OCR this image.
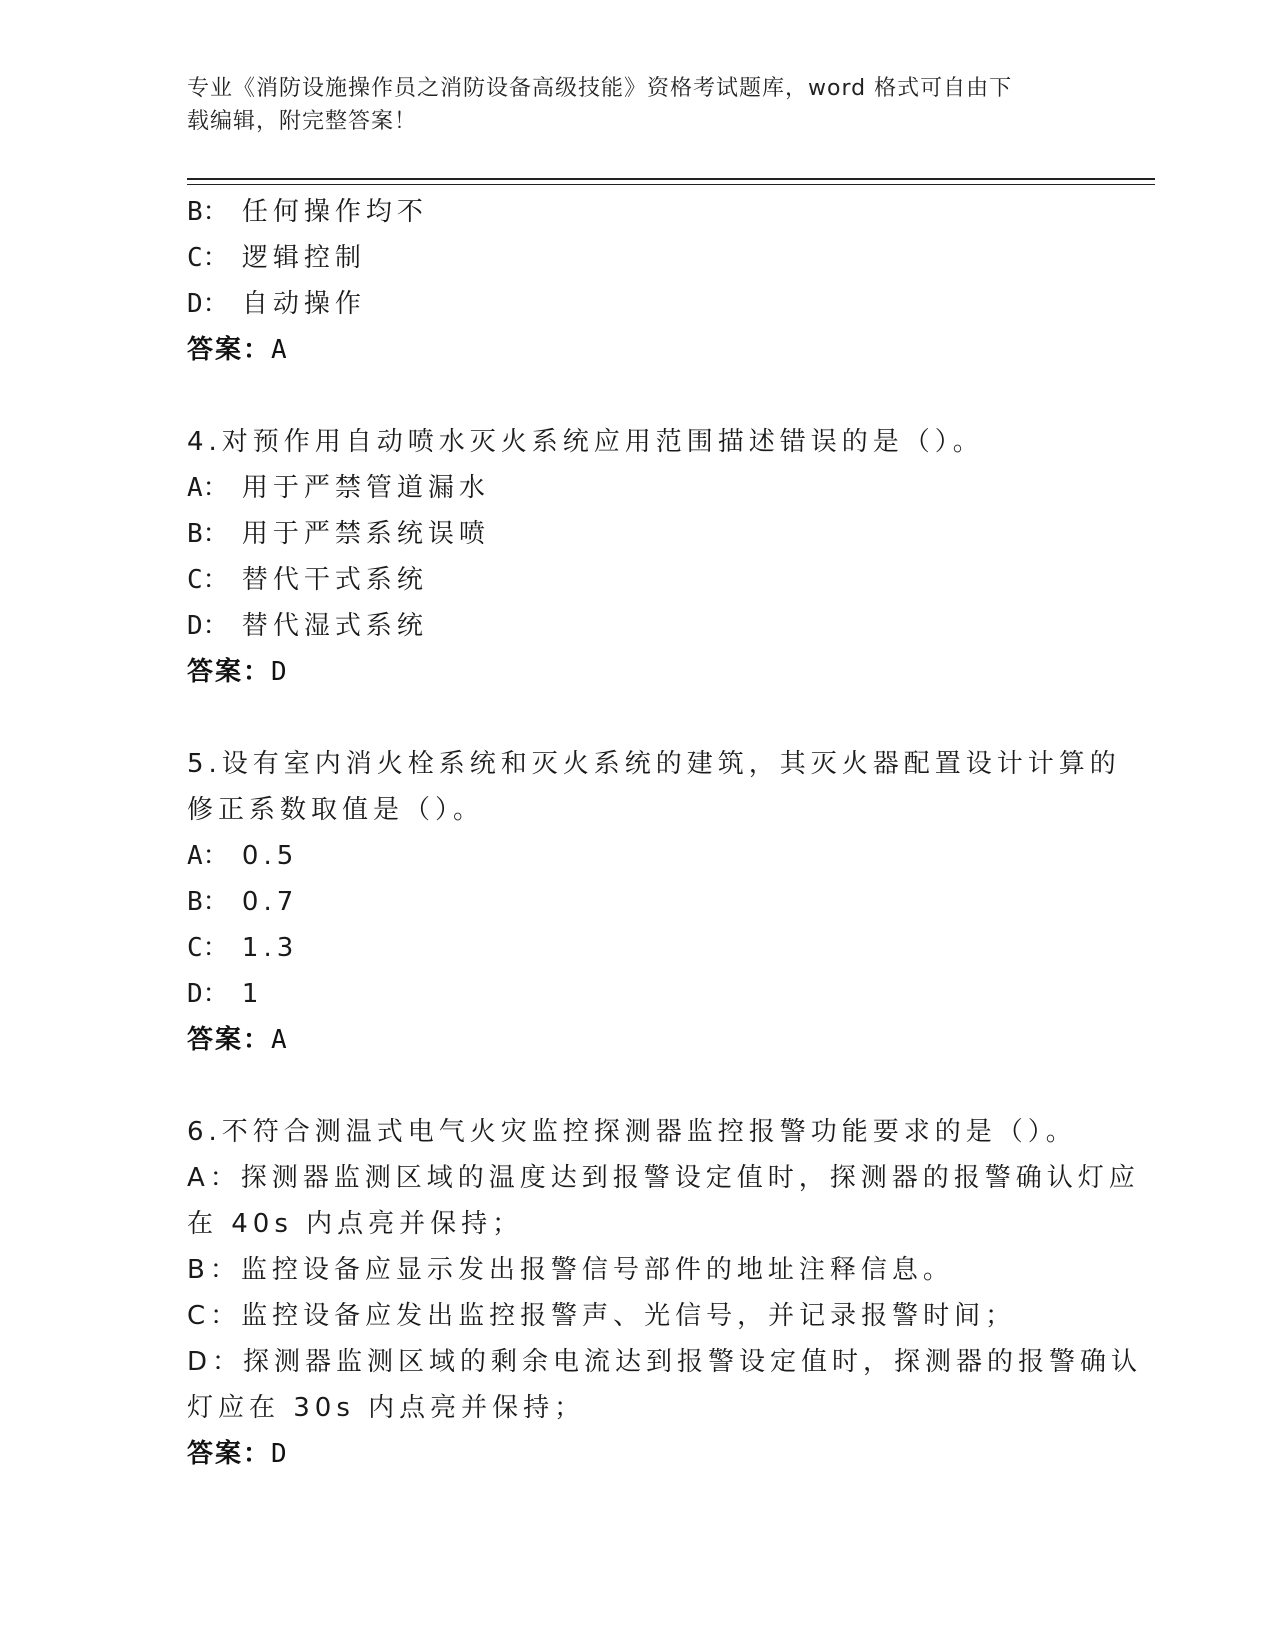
专业《消防设施操作员之消防设备高级技能》资格考试题库，word 格式可自由下
载编辑，附完整答案！
B： 任何操作均不
C： 逻辑控制
D： 自动操作
答案：A
4.对预作用自动喷水灭火系统应用范围描述错误的是（）。
A： 用于严禁管道漏水
B： 用于严禁系统误喷
C： 替代干式系统
D： 替代湿式系统
答案：D
5.设有室内消火栓系统和灭火系统的建筑，其灭火器配置设计计算的
修正系数取值是（）。
A： 0.5
B： 0.7
C： 1.3
D： 1
答案：A
6.不符合测温式电气火灾监控探测器监控报警功能要求的是（）。
A：探测器监测区域的温度达到报警设定值时，探测器的报警确认灯应
在 40s 内点亮并保持；
B：监控设备应显示发出报警信号部件的地址注释信息。
C：监控设备应发出监控报警声、光信号，并记录报警时间；
D：探测器监测区域的剩余电流达到报警设定值时，探测器的报警确认
灯应在 30s 内点亮并保持；
答案：D
